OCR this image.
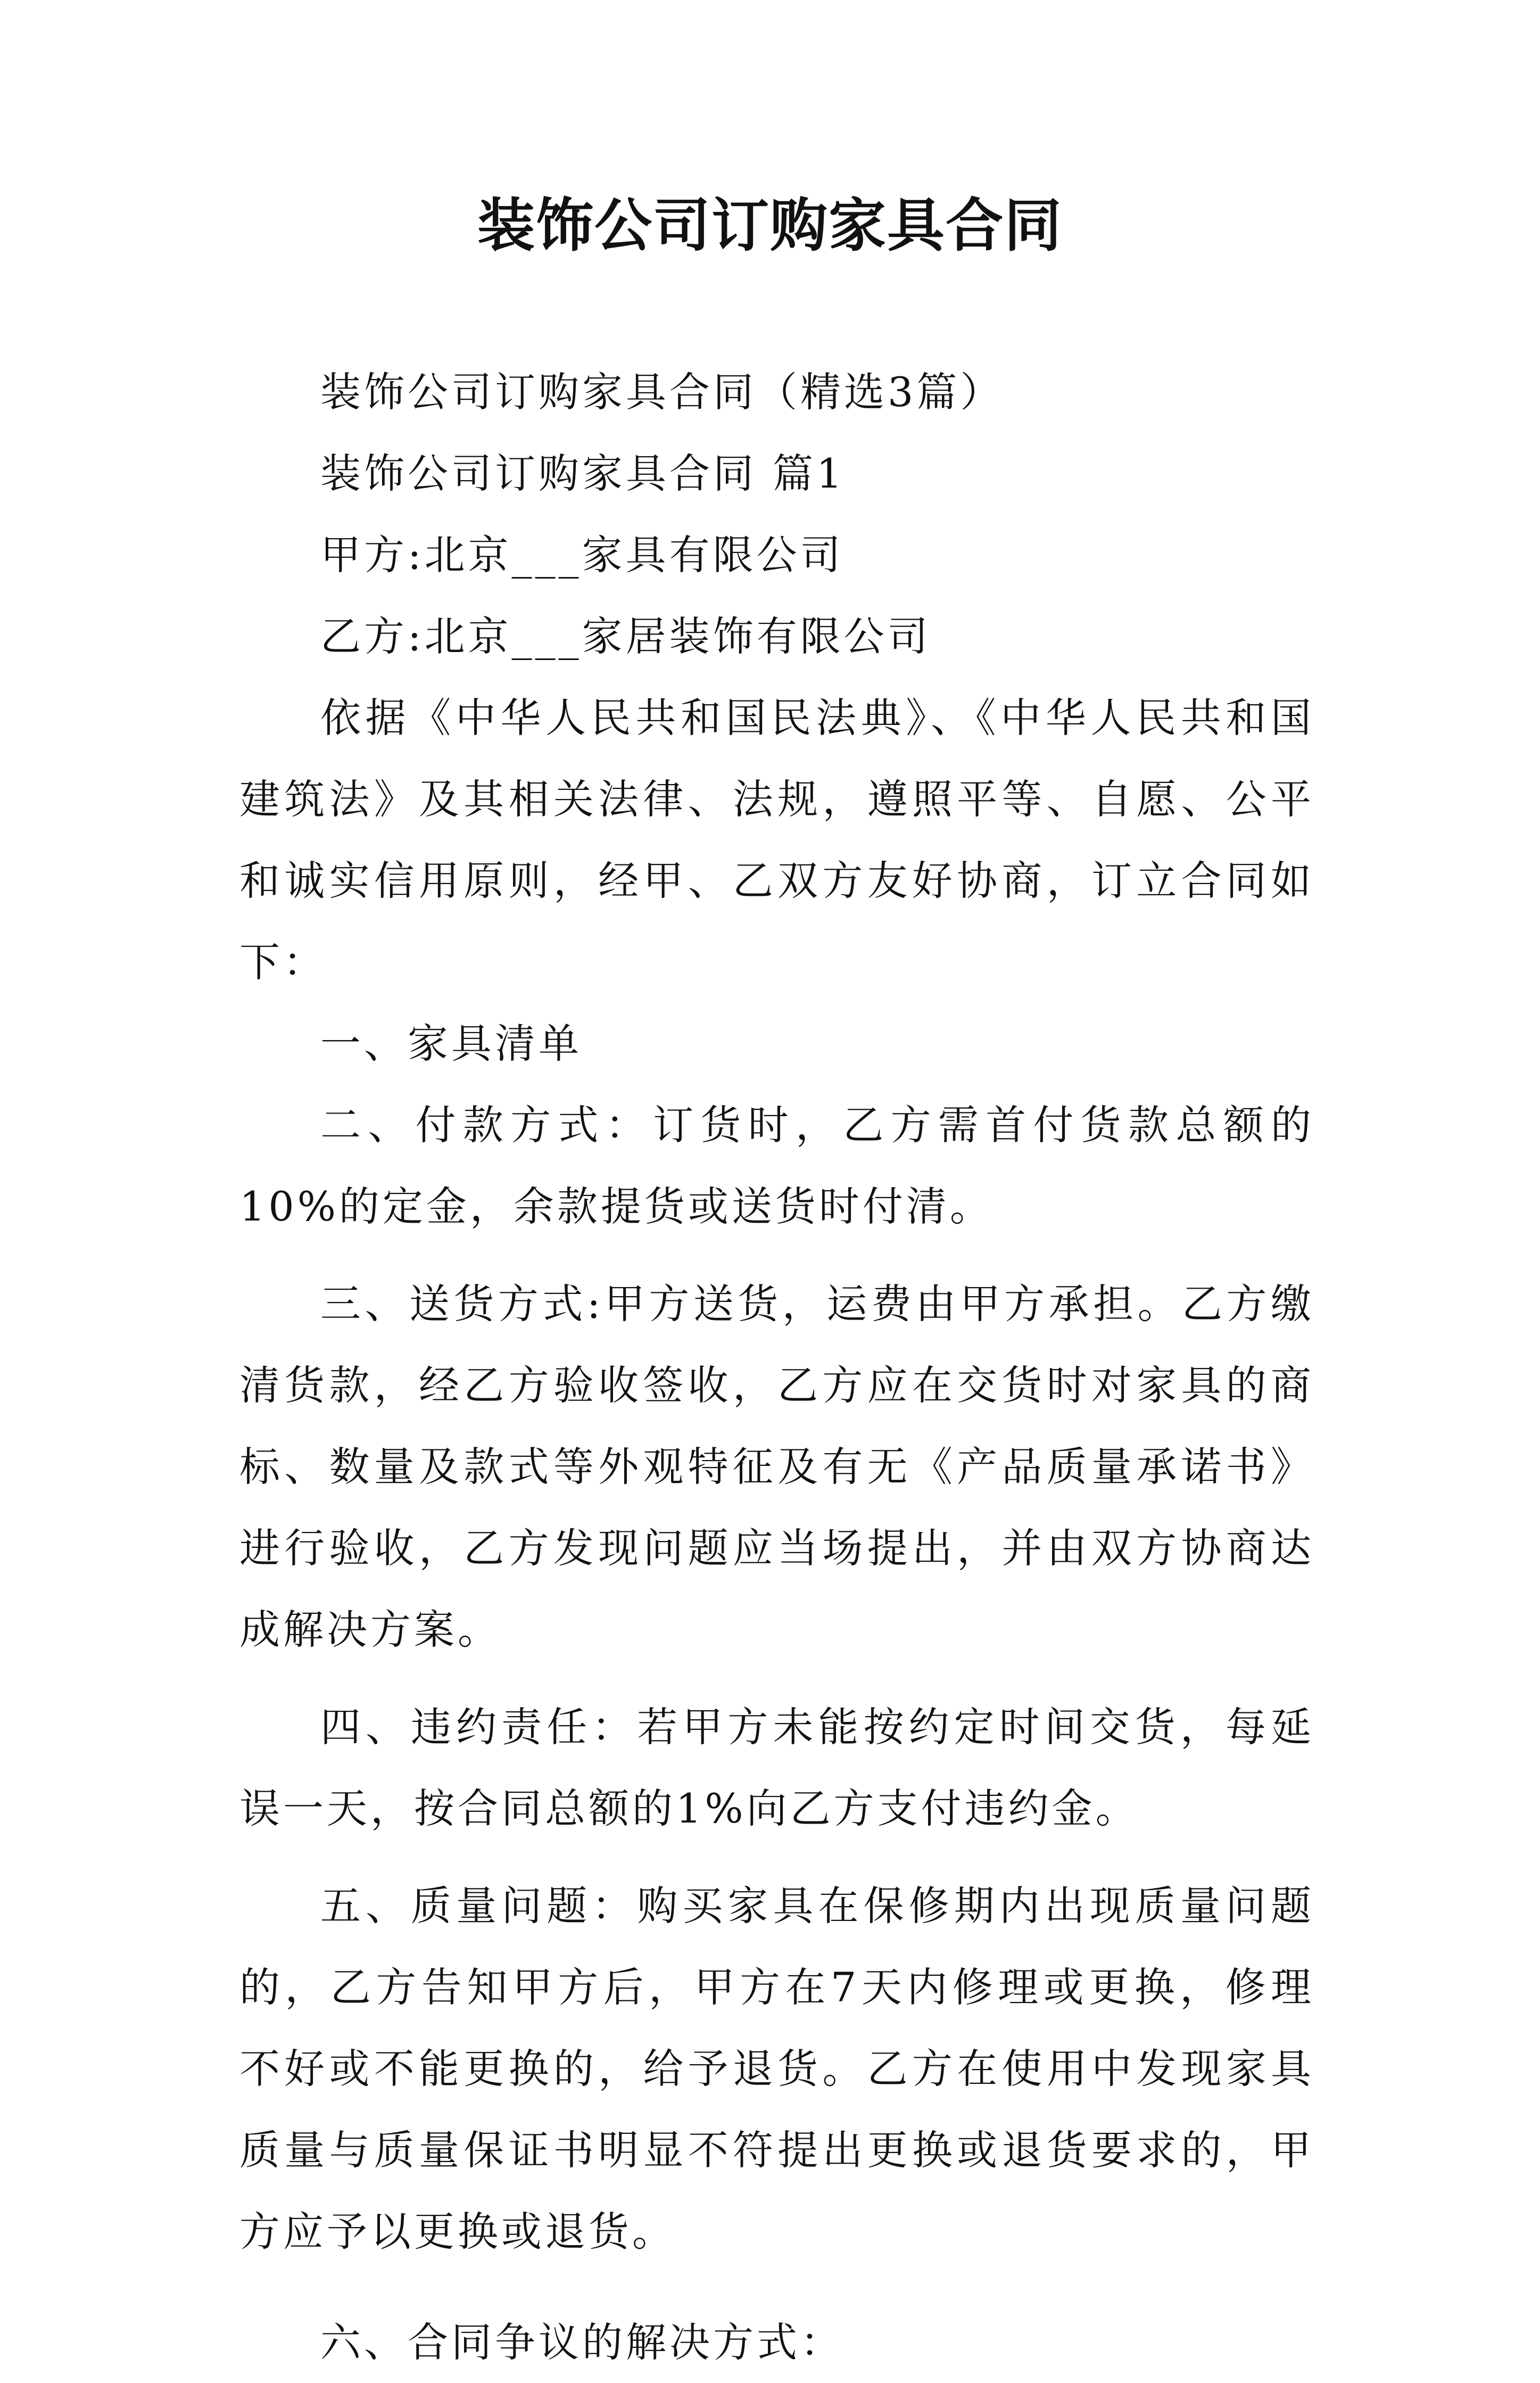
装饰公司订购家具合同

装饰公司订购家具合同（精选3篇）

装饰公司订购家具合同 篇1

甲方:北京___家具有限公司

乙方:北京___家居装饰有限公司

依据《中华人民共和国民法典》、《中华人民共和国建筑法》及其相关法律、法规，遵照平等、自愿、公平和诚实信用原则，经甲、乙双方友好协商，订立合同如下：

一、家具清单

二、付款方式：订货时，乙方需首付货款总额的10%的定金，余款提货或送货时付清。

三、送货方式:甲方送货，运费由甲方承担。乙方缴清货款，经乙方验收签收，乙方应在交货时对家具的商标、数量及款式等外观特征及有无《产品质量承诺书》进行验收，乙方发现问题应当场提出，并由双方协商达成解决方案。

四、违约责任：若甲方未能按约定时间交货，每延误一天，按合同总额的1%向乙方支付违约金。

五、质量问题：购买家具在保修期内出现质量问题的，乙方告知甲方后，甲方在7天内修理或更换，修理不好或不能更换的，给予退货。乙方在使用中发现家具质量与质量保证书明显不符提出更换或退货要求的，甲方应予以更换或退货。

六、合同争议的解决方式：
